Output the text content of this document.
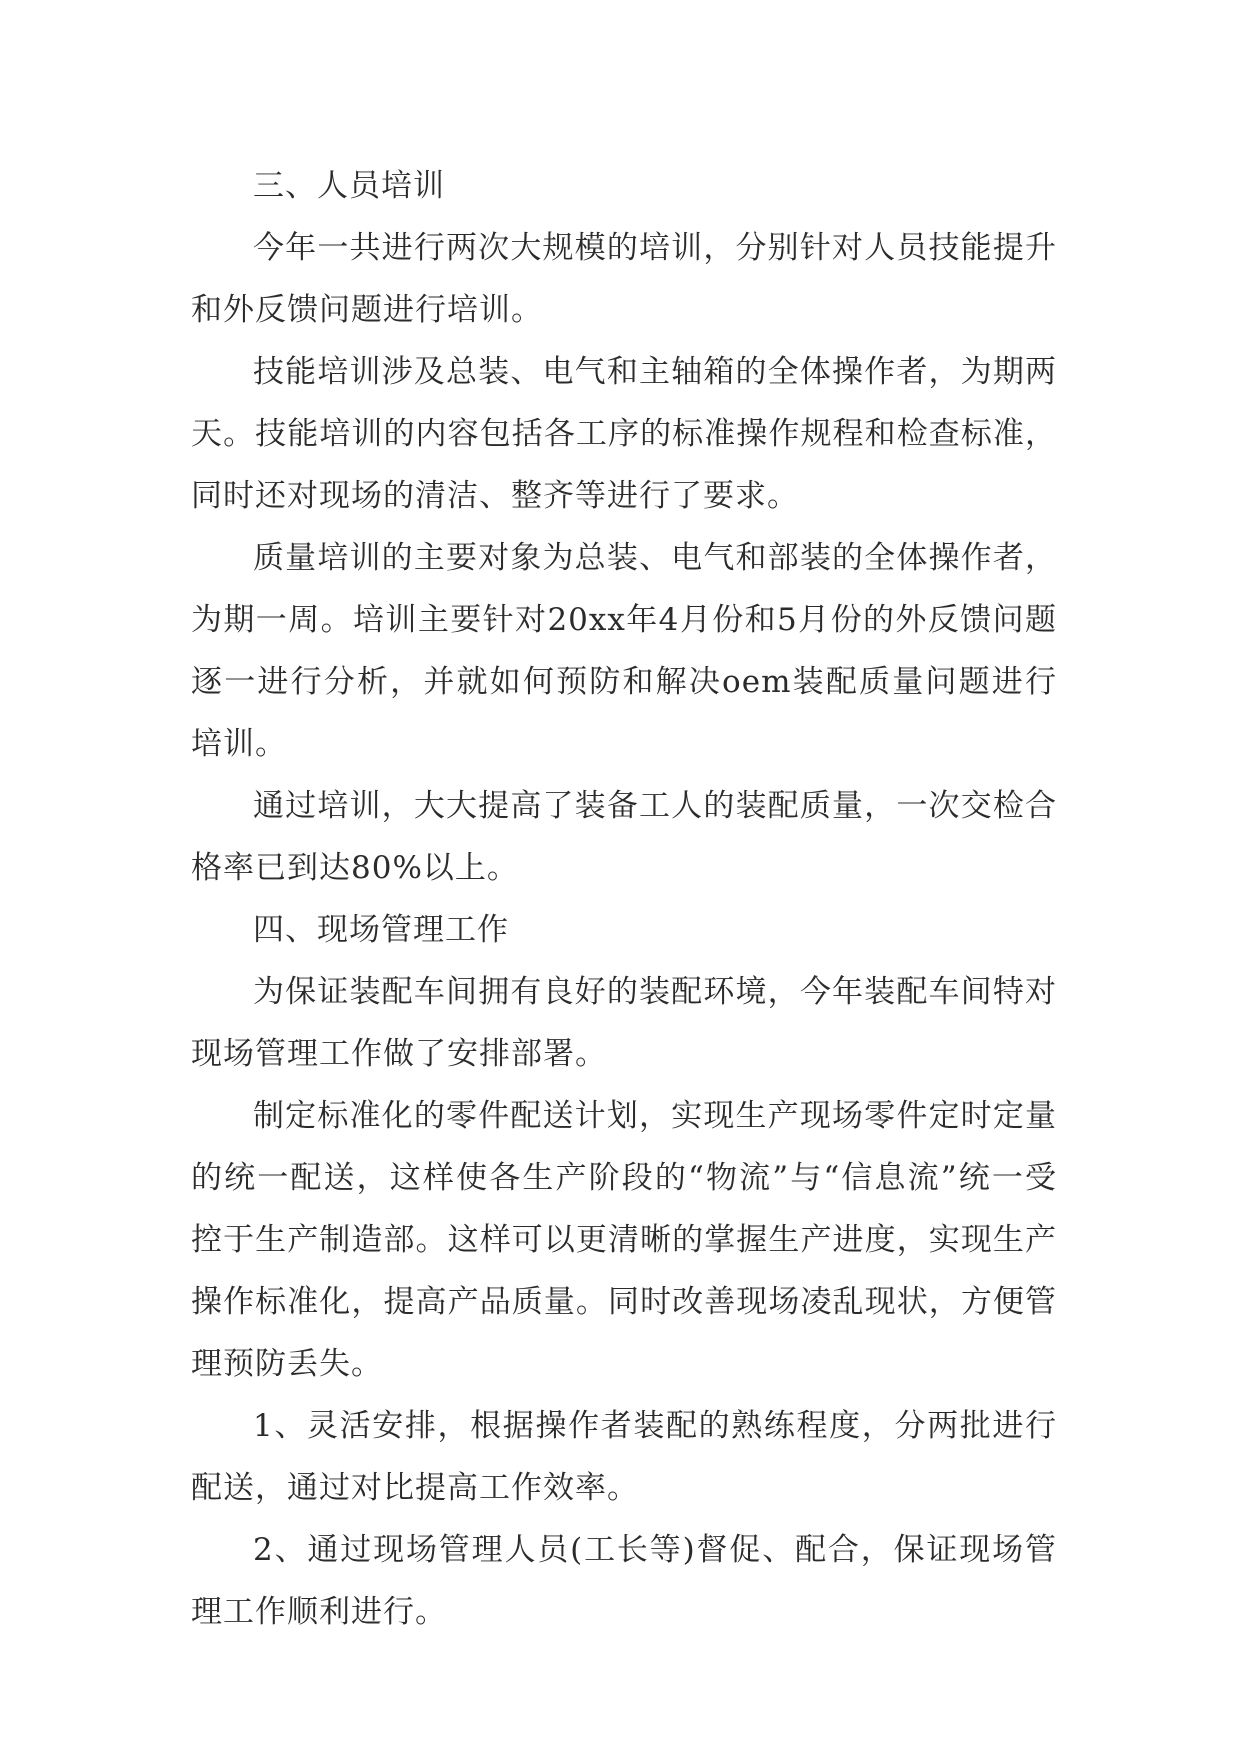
三、人员培训

今年一共进行两次大规模的培训，分别针对人员技能提升和外反馈问题进行培训。

技能培训涉及总装、电气和主轴箱的全体操作者，为期两天。技能培训的内容包括各工序的标准操作规程和检查标准，同时还对现场的清洁、整齐等进行了要求。

质量培训的主要对象为总装、电气和部装的全体操作者，为期一周。培训主要针对20xx年4月份和5月份的外反馈问题逐一进行分析，并就如何预防和解决oem装配质量问题进行培训。

通过培训，大大提高了装备工人的装配质量，一次交检合格率已到达80%以上。

四、现场管理工作

为保证装配车间拥有良好的装配环境，今年装配车间特对现场管理工作做了安排部署。

制定标准化的零件配送计划，实现生产现场零件定时定量的统一配送，这样使各生产阶段的“物流”与“信息流”统一受控于生产制造部。这样可以更清晰的掌握生产进度，实现生产操作标准化，提高产品质量。同时改善现场凌乱现状，方便管理预防丢失。

1、灵活安排，根据操作者装配的熟练程度，分两批进行配送，通过对比提高工作效率。

2、通过现场管理人员(工长等)督促、配合，保证现场管理工作顺利进行。
